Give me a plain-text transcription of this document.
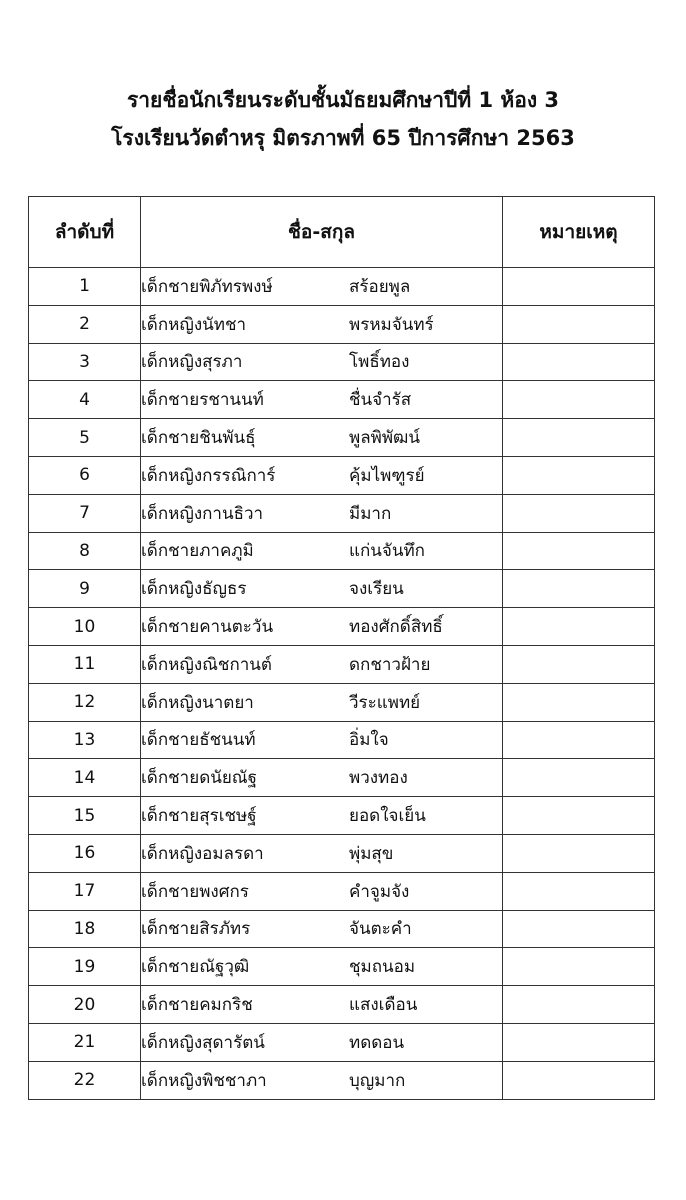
รายชื่อนักเรียนระดับชั้นมัธยมศึกษาปีที่ 1 ห้อง 3
โรงเรียนวัดตำหรุ มิตรภาพที่ 65 ปีการศึกษา 2563
ลำดับที่	ชื่อ-สกุล	หมายเหตุ
1	เด็กชายพิภัทรพงษ์ สร้อยพูล	
2	เด็กหญิงนัทชา พรหมจันทร์	
3	เด็กหญิงสุรภา โพธิ์ทอง	
4	เด็กชายรชานนท์ ชื่นจำรัส	
5	เด็กชายชินพันธุ์ พูลพิพัฒน์	
6	เด็กหญิงกรรณิการ์ คุ้มไพฑูรย์	
7	เด็กหญิงกานธิวา มีมาก	
8	เด็กชายภาคภูมิ แก่นจันทึก	
9	เด็กหญิงธัญธร จงเรียน	
10	เด็กชายคานตะวัน ทองศักดิ์สิทธิ์	
11	เด็กหญิงณิชกานต์ ดกชาวฝ้าย	
12	เด็กหญิงนาตยา วีระแพทย์	
13	เด็กชายธัชนนท์ อิ่มใจ	
14	เด็กชายดนัยณัฐ พวงทอง	
15	เด็กชายสุรเชษฐ์ ยอดใจเย็น	
16	เด็กหญิงอมลรดา พุ่มสุข	
17	เด็กชายพงศกร คำจูมจัง	
18	เด็กชายสิรภัทร จันตะคำ	
19	เด็กชายณัฐวุฒิ ชุมถนอม	
20	เด็กชายคมกริช แสงเดือน	
21	เด็กหญิงสุดารัตน์ ทดดอน	
22	เด็กหญิงพิชชาภา บุญมาก	
